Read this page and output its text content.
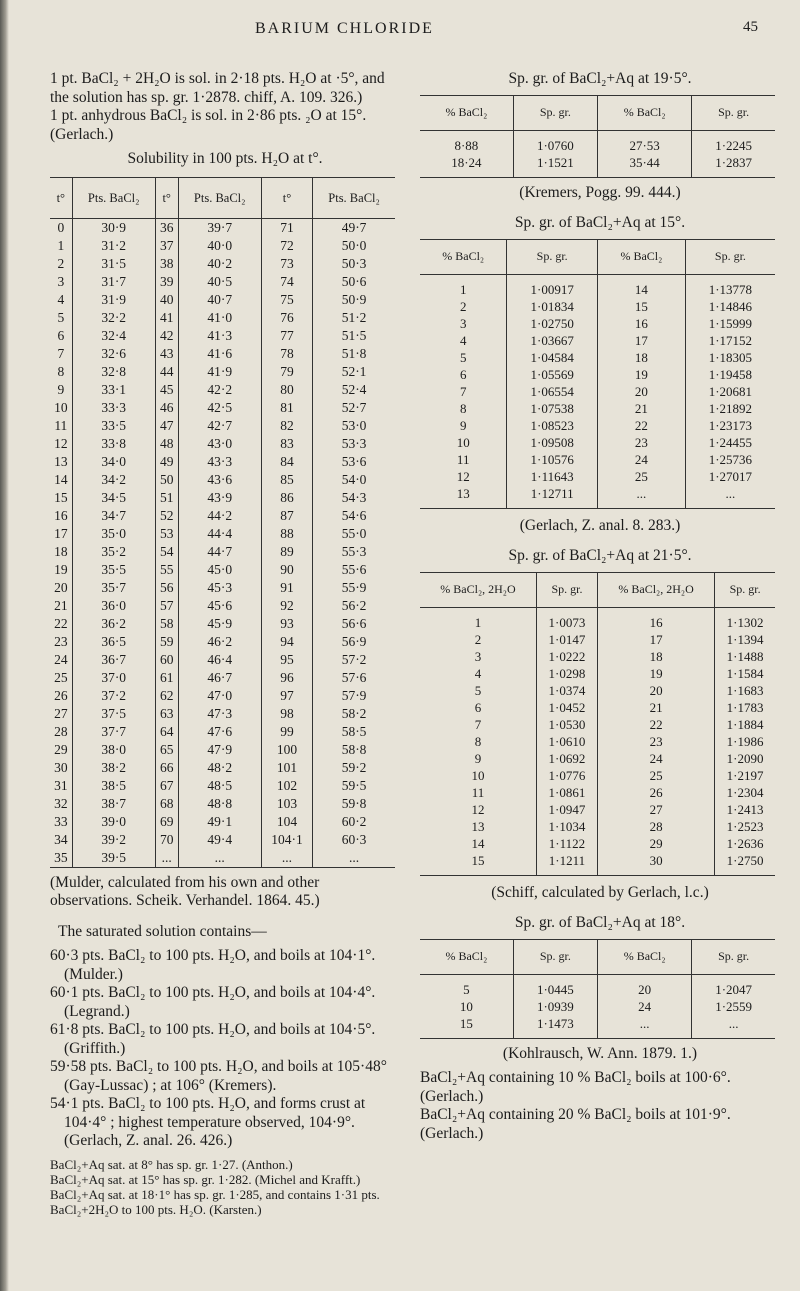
BARIUM CHLORIDE	45

1 pt. BaCl₂ + 2H₂O is sol. in 2·18 pts. H₂O at ·5°, and the solution has sp. gr. 1·2878. chiff, A. 109. 326.)

1 pt. anhydrous BaCl₂ is sol. in 2·86 pts. ₂O at 15°. (Gerlach.)

Solubility in 100 pts. H₂O at t°.

t°	Pts. BaCl₂	t°	Pts. BaCl₂	t°	Pts. BaCl₂
0	30·9	36	39·7	71	49·7
1	31·2	37	40·0	72	50·0
2	31·5	38	40·2	73	50·3
3	31·7	39	40·5	74	50·6
4	31·9	40	40·7	75	50·9
5	32·2	41	41·0	76	51·2
6	32·4	42	41·3	77	51·5
7	32·6	43	41·6	78	51·8
8	32·8	44	41·9	79	52·1
9	33·1	45	42·2	80	52·4
10	33·3	46	42·5	81	52·7
11	33·5	47	42·7	82	53·0
12	33·8	48	43·0	83	53·3
13	34·0	49	43·3	84	53·6
14	34·2	50	43·6	85	54·0
15	34·5	51	43·9	86	54·3
16	34·7	52	44·2	87	54·6
17	35·0	53	44·4	88	55·0
18	35·2	54	44·7	89	55·3
19	35·5	55	45·0	90	55·6
20	35·7	56	45·3	91	55·9
21	36·0	57	45·6	92	56·2
22	36·2	58	45·9	93	56·6
23	36·5	59	46·2	94	56·9
24	36·7	60	46·4	95	57·2
25	37·0	61	46·7	96	57·6
26	37·2	62	47·0	97	57·9
27	37·5	63	47·3	98	58·2
28	37·7	64	47·6	99	58·5
29	38·0	65	47·9	100	58·8
30	38·2	66	48·2	101	59·2
31	38·5	67	48·5	102	59·5
32	38·7	68	48·8	103	59·8
33	39·0	69	49·1	104	60·2
34	39·2	70	49·4	104·1	60·3
35	39·5	...	...	...	...

(Mulder, calculated from his own and other observations. Scheik. Verhandel. 1864. 45.)

The saturated solution contains—

60·3 pts. BaCl₂ to 100 pts. H₂O, and boils at 104·1°. (Mulder.)

60·1 pts. BaCl₂ to 100 pts. H₂O, and boils at 104·4°. (Legrand.)

61·8 pts. BaCl₂ to 100 pts. H₂O, and boils at 104·5°. (Griffith.)

59·58 pts. BaCl₂ to 100 pts. H₂O, and boils at 105·48° (Gay-Lussac) ; at 106° (Kremers).

54·1 pts. BaCl₂ to 100 pts. H₂O, and forms crust at 104·4° ; highest temperature observed, 104·9°. (Gerlach, Z. anal. 26. 426.)

BaCl₂+Aq sat. at 8° has sp. gr. 1·27. (Anthon.)

BaCl₂+Aq sat. at 15° has sp. gr. 1·282. (Michel and Krafft.)

BaCl₂+Aq sat. at 18·1° has sp. gr. 1·285, and contains 1·31 pts. BaCl₂+2H₂O to 100 pts. H₂O. (Karsten.)

Sp. gr. of BaCl₂+Aq at 19·5°.

% BaCl₂	Sp. gr.	% BaCl₂	Sp. gr.
8·88	1·0760	27·53	1·2245
18·24	1·1521	35·44	1·2837

(Kremers, Pogg. 99. 444.)

Sp. gr. of BaCl₂+Aq at 15°.

% BaCl₂	Sp. gr.	% BaCl₂	Sp. gr.
1	1·00917	14	1·13778
2	1·01834	15	1·14846
3	1·02750	16	1·15999
4	1·03667	17	1·17152
5	1·04584	18	1·18305
6	1·05569	19	1·19458
7	1·06554	20	1·20681
8	1·07538	21	1·21892
9	1·08523	22	1·23173
10	1·09508	23	1·24455
11	1·10576	24	1·25736
12	1·11643	25	1·27017
13	1·12711	...	...

(Gerlach, Z. anal. 8. 283.)

Sp. gr. of BaCl₂+Aq at 21·5°.

% BaCl₂, 2H₂O	Sp. gr.	% BaCl₂, 2H₂O	Sp. gr.
1	1·0073	16	1·1302
2	1·0147	17	1·1394
3	1·0222	18	1·1488
4	1·0298	19	1·1584
5	1·0374	20	1·1683
6	1·0452	21	1·1783
7	1·0530	22	1·1884
8	1·0610	23	1·1986
9	1·0692	24	1·2090
10	1·0776	25	1·2197
11	1·0861	26	1·2304
12	1·0947	27	1·2413
13	1·1034	28	1·2523
14	1·1122	29	1·2636
15	1·1211	30	1·2750

(Schiff, calculated by Gerlach, l.c.)

Sp. gr. of BaCl₂+Aq at 18°.

% BaCl₂	Sp. gr.	% BaCl₂	Sp. gr.
5	1·0445	20	1·2047
10	1·0939	24	1·2559
15	1·1473	...	...

(Kohlrausch, W. Ann. 1879. 1.)

BaCl₂+Aq containing 10 % BaCl₂ boils at 100·6°. (Gerlach.)

BaCl₂+Aq containing 20 % BaCl₂ boils at 101·9°. (Gerlach.)
